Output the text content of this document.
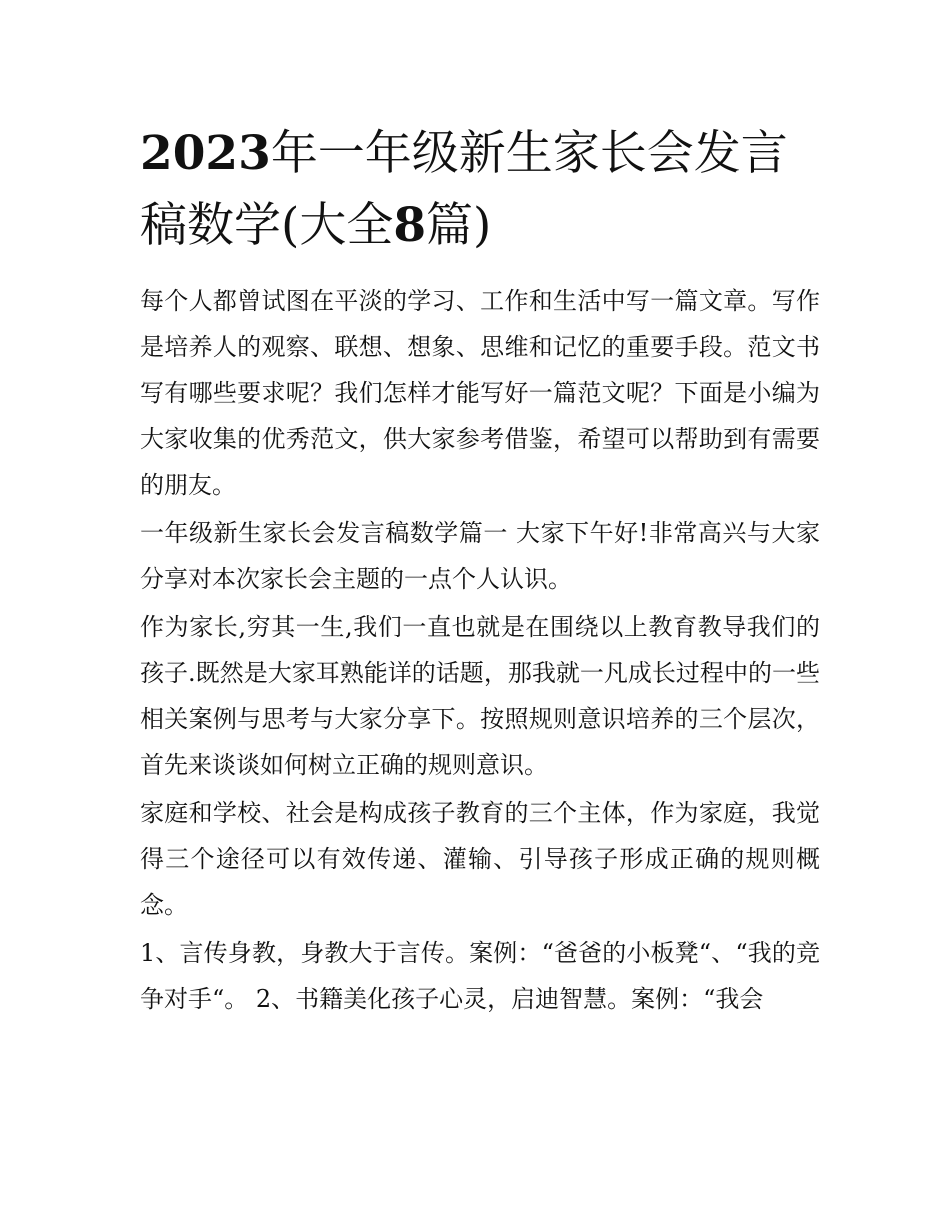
2023年一年级新生家长会发言稿数学(大全8篇)

每个人都曾试图在平淡的学习、工作和生活中写一篇文章。写作是培养人的观察、联想、想象、思维和记忆的重要手段。范文书写有哪些要求呢？我们怎样才能写好一篇范文呢？下面是小编为大家收集的优秀范文，供大家参考借鉴，希望可以帮助到有需要的朋友。

一年级新生家长会发言稿数学篇一 大家下午好!非常高兴与大家分享对本次家长会主题的一点个人认识。

作为家长,穷其一生,我们一直也就是在围绕以上教育教导我们的孩子.既然是大家耳熟能详的话题，那我就一凡成长过程中的一些相关案例与思考与大家分享下。按照规则意识培养的三个层次，首先来谈谈如何树立正确的规则意识。

家庭和学校、社会是构成孩子教育的三个主体，作为家庭，我觉得三个途径可以有效传递、灌输、引导孩子形成正确的规则概念。

1、言传身教，身教大于言传。案例：“爸爸的小板凳“、“我的竞争对手“。 2、书籍美化孩子心灵，启迪智慧。案例：“我会
